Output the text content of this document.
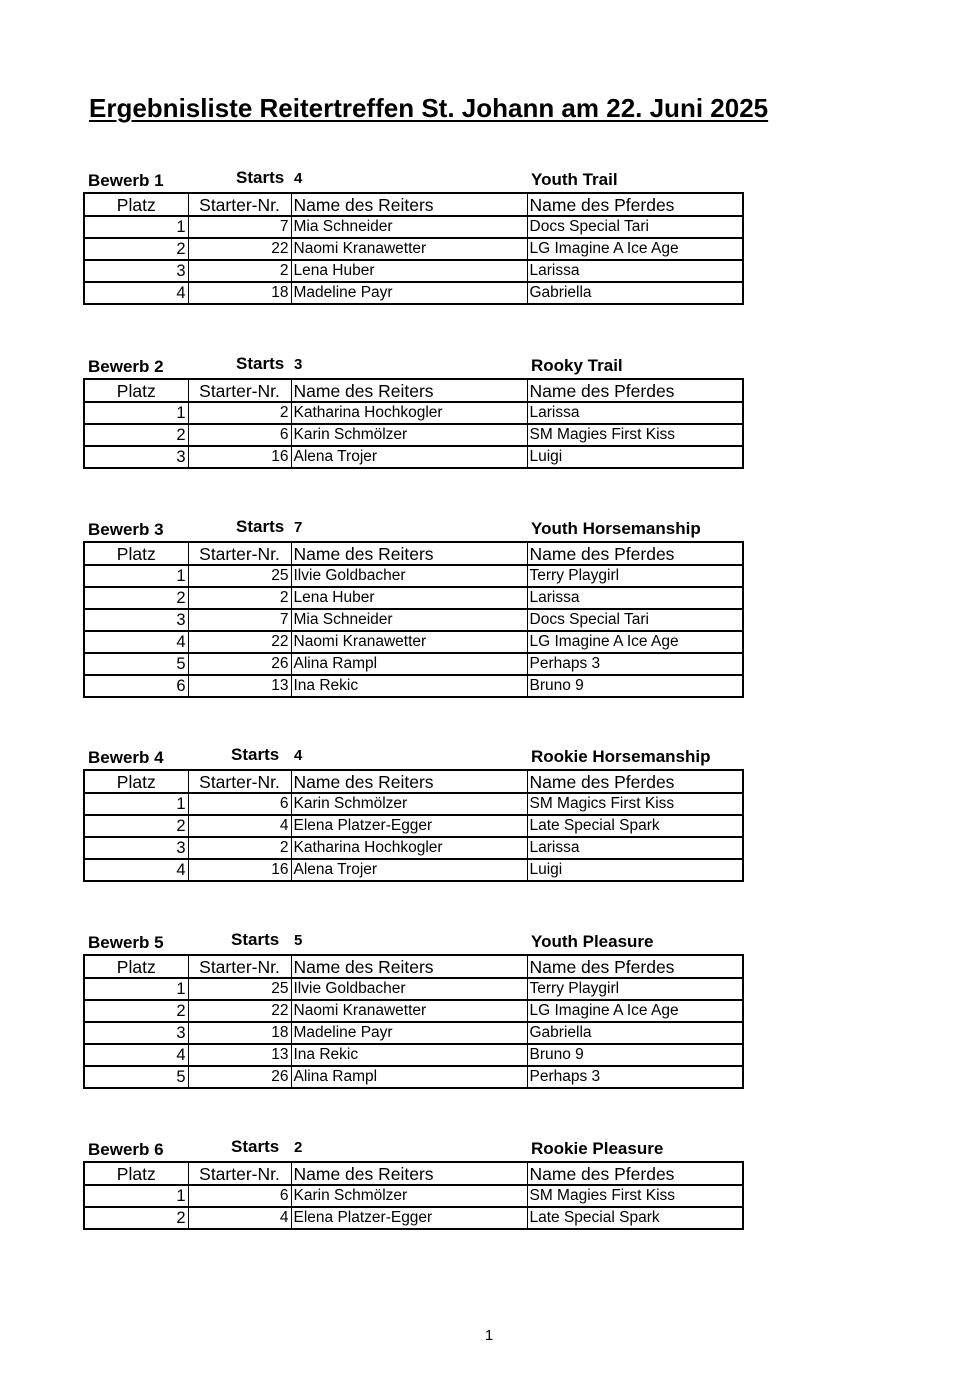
Ergebnisliste Reitertreffen St. Johann am 22. Juni 2025
Bewerb 1	Starts 4	Youth Trail
Platz	Starter-Nr.	Name des Reiters	Name des Pferdes
1	7	Mia Schneider	Docs Special Tari
2	22	Naomi Kranawetter	LG Imagine A Ice Age
3	2	Lena Huber	Larissa
4	18	Madeline Payr	Gabriella
Bewerb 2	Starts 3	Rooky Trail
Platz	Starter-Nr.	Name des Reiters	Name des Pferdes
1	2	Katharina Hochkogler	Larissa
2	6	Karin Schmölzer	SM Magies First Kiss
3	16	Alena Trojer	Luigi
Bewerb 3	Starts 7	Youth Horsemanship
Platz	Starter-Nr.	Name des Reiters	Name des Pferdes
1	25	Ilvie Goldbacher	Terry Playgirl
2	2	Lena Huber	Larissa
3	7	Mia Schneider	Docs Special Tari
4	22	Naomi Kranawetter	LG Imagine A Ice Age
5	26	Alina Rampl	Perhaps 3
6	13	Ina Rekic	Bruno 9
Bewerb 4	Starts 4	Rookie Horsemanship
Platz	Starter-Nr.	Name des Reiters	Name des Pferdes
1	6	Karin Schmölzer	SM Magics First Kiss
2	4	Elena Platzer-Egger	Late Special Spark
3	2	Katharina Hochkogler	Larissa
4	16	Alena Trojer	Luigi
Bewerb 5	Starts 5	Youth Pleasure
Platz	Starter-Nr.	Name des Reiters	Name des Pferdes
1	25	Ilvie Goldbacher	Terry Playgirl
2	22	Naomi Kranawetter	LG Imagine A Ice Age
3	18	Madeline Payr	Gabriella
4	13	Ina Rekic	Bruno 9
5	26	Alina Rampl	Perhaps 3
Bewerb 6	Starts 2	Rookie Pleasure
Platz	Starter-Nr.	Name des Reiters	Name des Pferdes
1	6	Karin Schmölzer	SM Magies First Kiss
2	4	Elena Platzer-Egger	Late Special Spark
1
